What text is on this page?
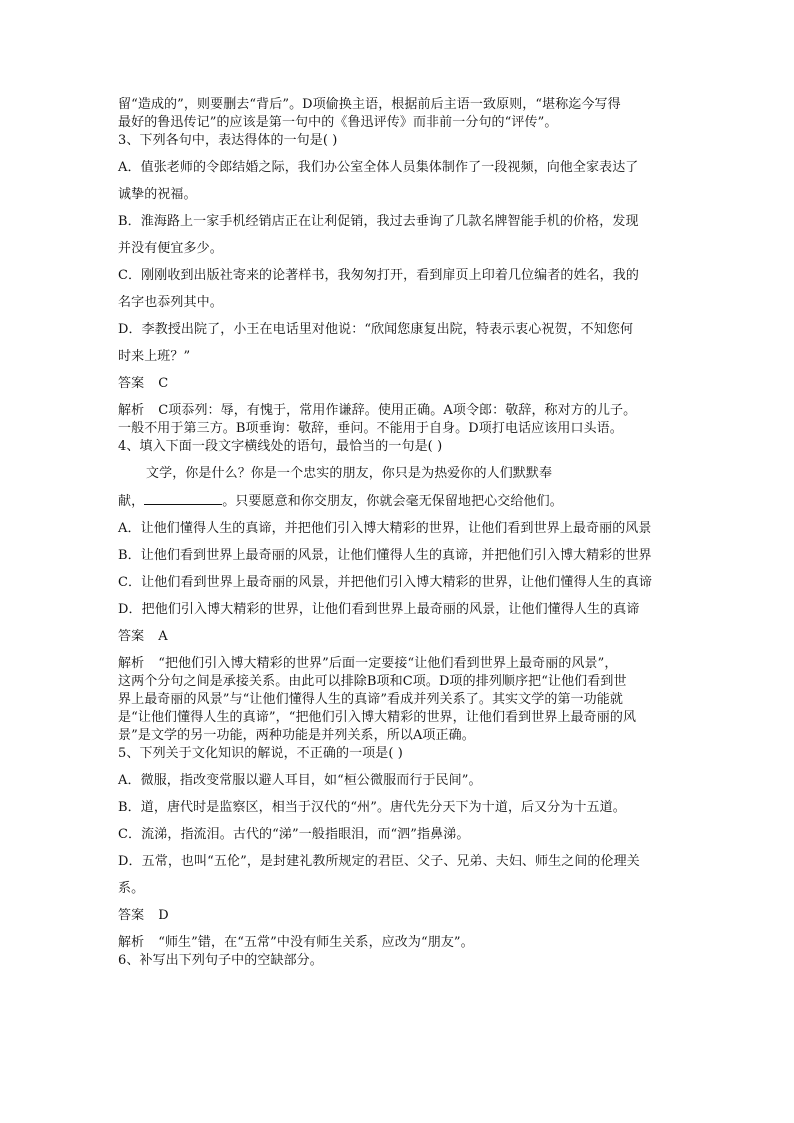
留“造成的”，则要删去“背后”。D项偷换主语，根据前后主语一致原则，“堪称迄今写得
最好的鲁迅传记”的应该是第一句中的《鲁迅评传》而非前一分句的“评传”。
3、下列各句中，表达得体的一句是( )
A．值张老师的令郎结婚之际，我们办公室全体人员集体制作了一段视频，向他全家表达了
诚挚的祝福。
B．淮海路上一家手机经销店正在让利促销，我过去垂询了几款名牌智能手机的价格，发现
并没有便宜多少。
C．刚刚收到出版社寄来的论著样书，我匆匆打开，看到扉页上印着几位编者的姓名，我的
名字也忝列其中。
D．李教授出院了，小王在电话里对他说：“欣闻您康复出院，特表示衷心祝贺，不知您何
时来上班？”
答案 C
解析 C项忝列：辱，有愧于，常用作谦辞。使用正确。A项令郎：敬辞，称对方的儿子。
一般不用于第三方。B项垂询：敬辞，垂问。不能用于自身。D项打电话应该用口头语。
4、填入下面一段文字横线处的语句，最恰当的一句是( )
文学，你是什么？你是一个忠实的朋友，你只是为热爱你的人们默默奉
献，	。只要愿意和你交朋友，你就会毫无保留地把心交给他们。
A．让他们懂得人生的真谛，并把他们引入博大精彩的世界，让他们看到世界上最奇丽的风景
B．让他们看到世界上最奇丽的风景，让他们懂得人生的真谛，并把他们引入博大精彩的世界
C．让他们看到世界上最奇丽的风景，并把他们引入博大精彩的世界，让他们懂得人生的真谛
D．把他们引入博大精彩的世界，让他们看到世界上最奇丽的风景，让他们懂得人生的真谛
答案 A
解析 “把他们引入博大精彩的世界”后面一定要接“让他们看到世界上最奇丽的风景”，
这两个分句之间是承接关系。由此可以排除B项和C项。D项的排列顺序把“让他们看到世
界上最奇丽的风景”与“让他们懂得人生的真谛”看成并列关系了。其实文学的第一功能就
是“让他们懂得人生的真谛”，“把他们引入博大精彩的世界，让他们看到世界上最奇丽的风
景”是文学的另一功能，两种功能是并列关系，所以A项正确。
5、下列关于文化知识的解说，不正确的一项是( )
A．微服，指改变常服以避人耳目，如“桓公微服而行于民间”。
B．道，唐代时是监察区，相当于汉代的“州”。唐代先分天下为十道，后又分为十五道。
C．流涕，指流泪。古代的“涕”一般指眼泪，而“泗”指鼻涕。
D．五常，也叫“五伦”，是封建礼教所规定的君臣、父子、兄弟、夫妇、师生之间的伦理关
系。
答案 D
解析 “师生”错，在“五常”中没有师生关系，应改为“朋友”。
6、补写出下列句子中的空缺部分。
